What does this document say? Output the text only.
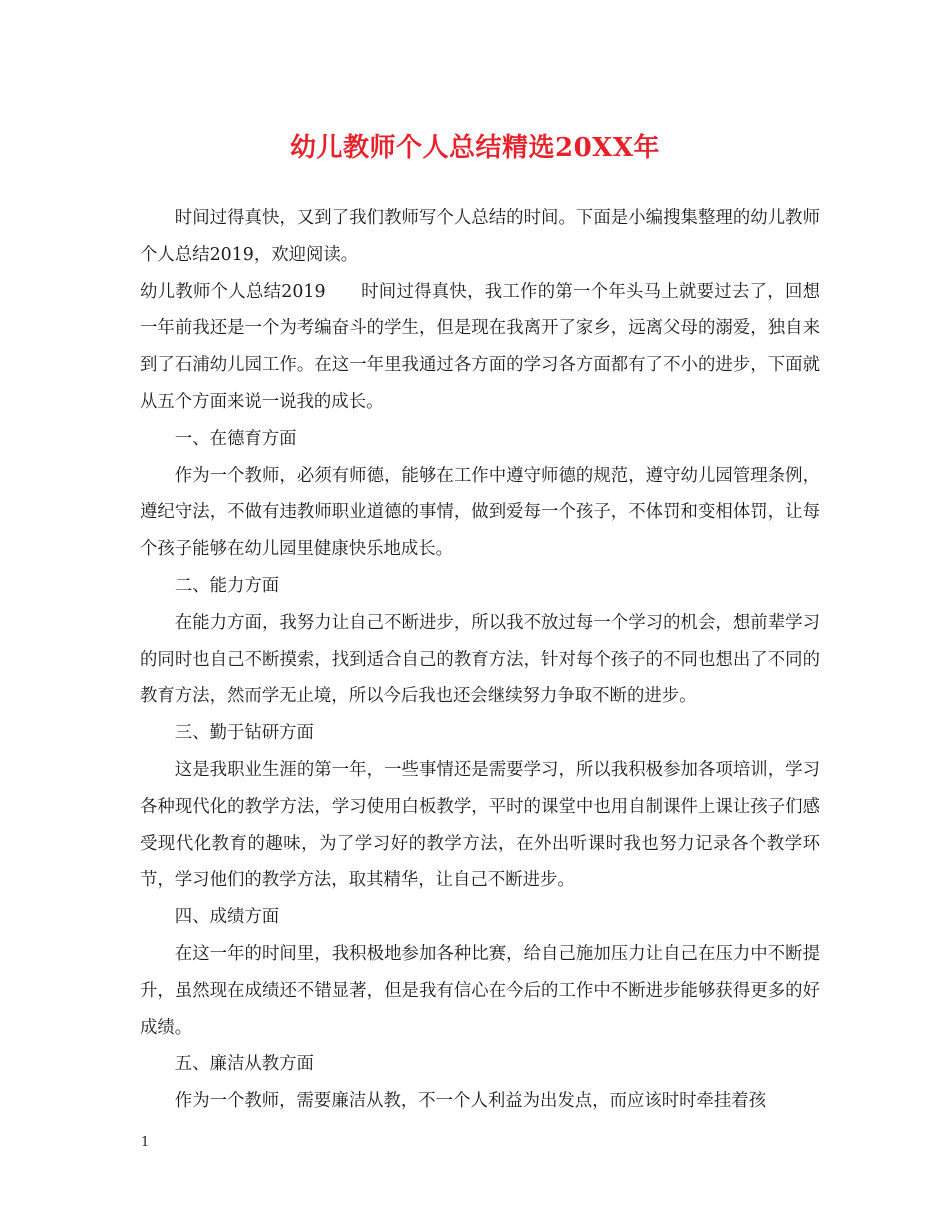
幼儿教师个人总结精选20XX年

时间过得真快，又到了我们教师写个人总结的时间。下面是小编搜集整理的幼儿教师个人总结2019，欢迎阅读。

幼儿教师个人总结2019　　时间过得真快，我工作的第一个年头马上就要过去了，回想一年前我还是一个为考编奋斗的学生，但是现在我离开了家乡，远离父母的溺爱，独自来到了石浦幼儿园工作。在这一年里我通过各方面的学习各方面都有了不小的进步，下面就从五个方面来说一说我的成长。

一、在德育方面

作为一个教师，必须有师德，能够在工作中遵守师德的规范，遵守幼儿园管理条例，遵纪守法，不做有违教师职业道德的事情，做到爱每一个孩子，不体罚和变相体罚，让每个孩子能够在幼儿园里健康快乐地成长。

二、能力方面

在能力方面，我努力让自己不断进步，所以我不放过每一个学习的机会，想前辈学习的同时也自己不断摸索，找到适合自己的教育方法，针对每个孩子的不同也想出了不同的教育方法，然而学无止境，所以今后我也还会继续努力争取不断的进步。

三、勤于钻研方面

这是我职业生涯的第一年，一些事情还是需要学习，所以我积极参加各项培训，学习各种现代化的教学方法，学习使用白板教学，平时的课堂中也用自制课件上课让孩子们感受现代化教育的趣味，为了学习好的教学方法，在外出听课时我也努力记录各个教学环节，学习他们的教学方法，取其精华，让自己不断进步。

四、成绩方面

在这一年的时间里，我积极地参加各种比赛，给自己施加压力让自己在压力中不断提升，虽然现在成绩还不错显著，但是我有信心在今后的工作中不断进步能够获得更多的好成绩。

五、廉洁从教方面

作为一个教师，需要廉洁从教，不一个人利益为出发点，而应该时时牵挂着孩

1
